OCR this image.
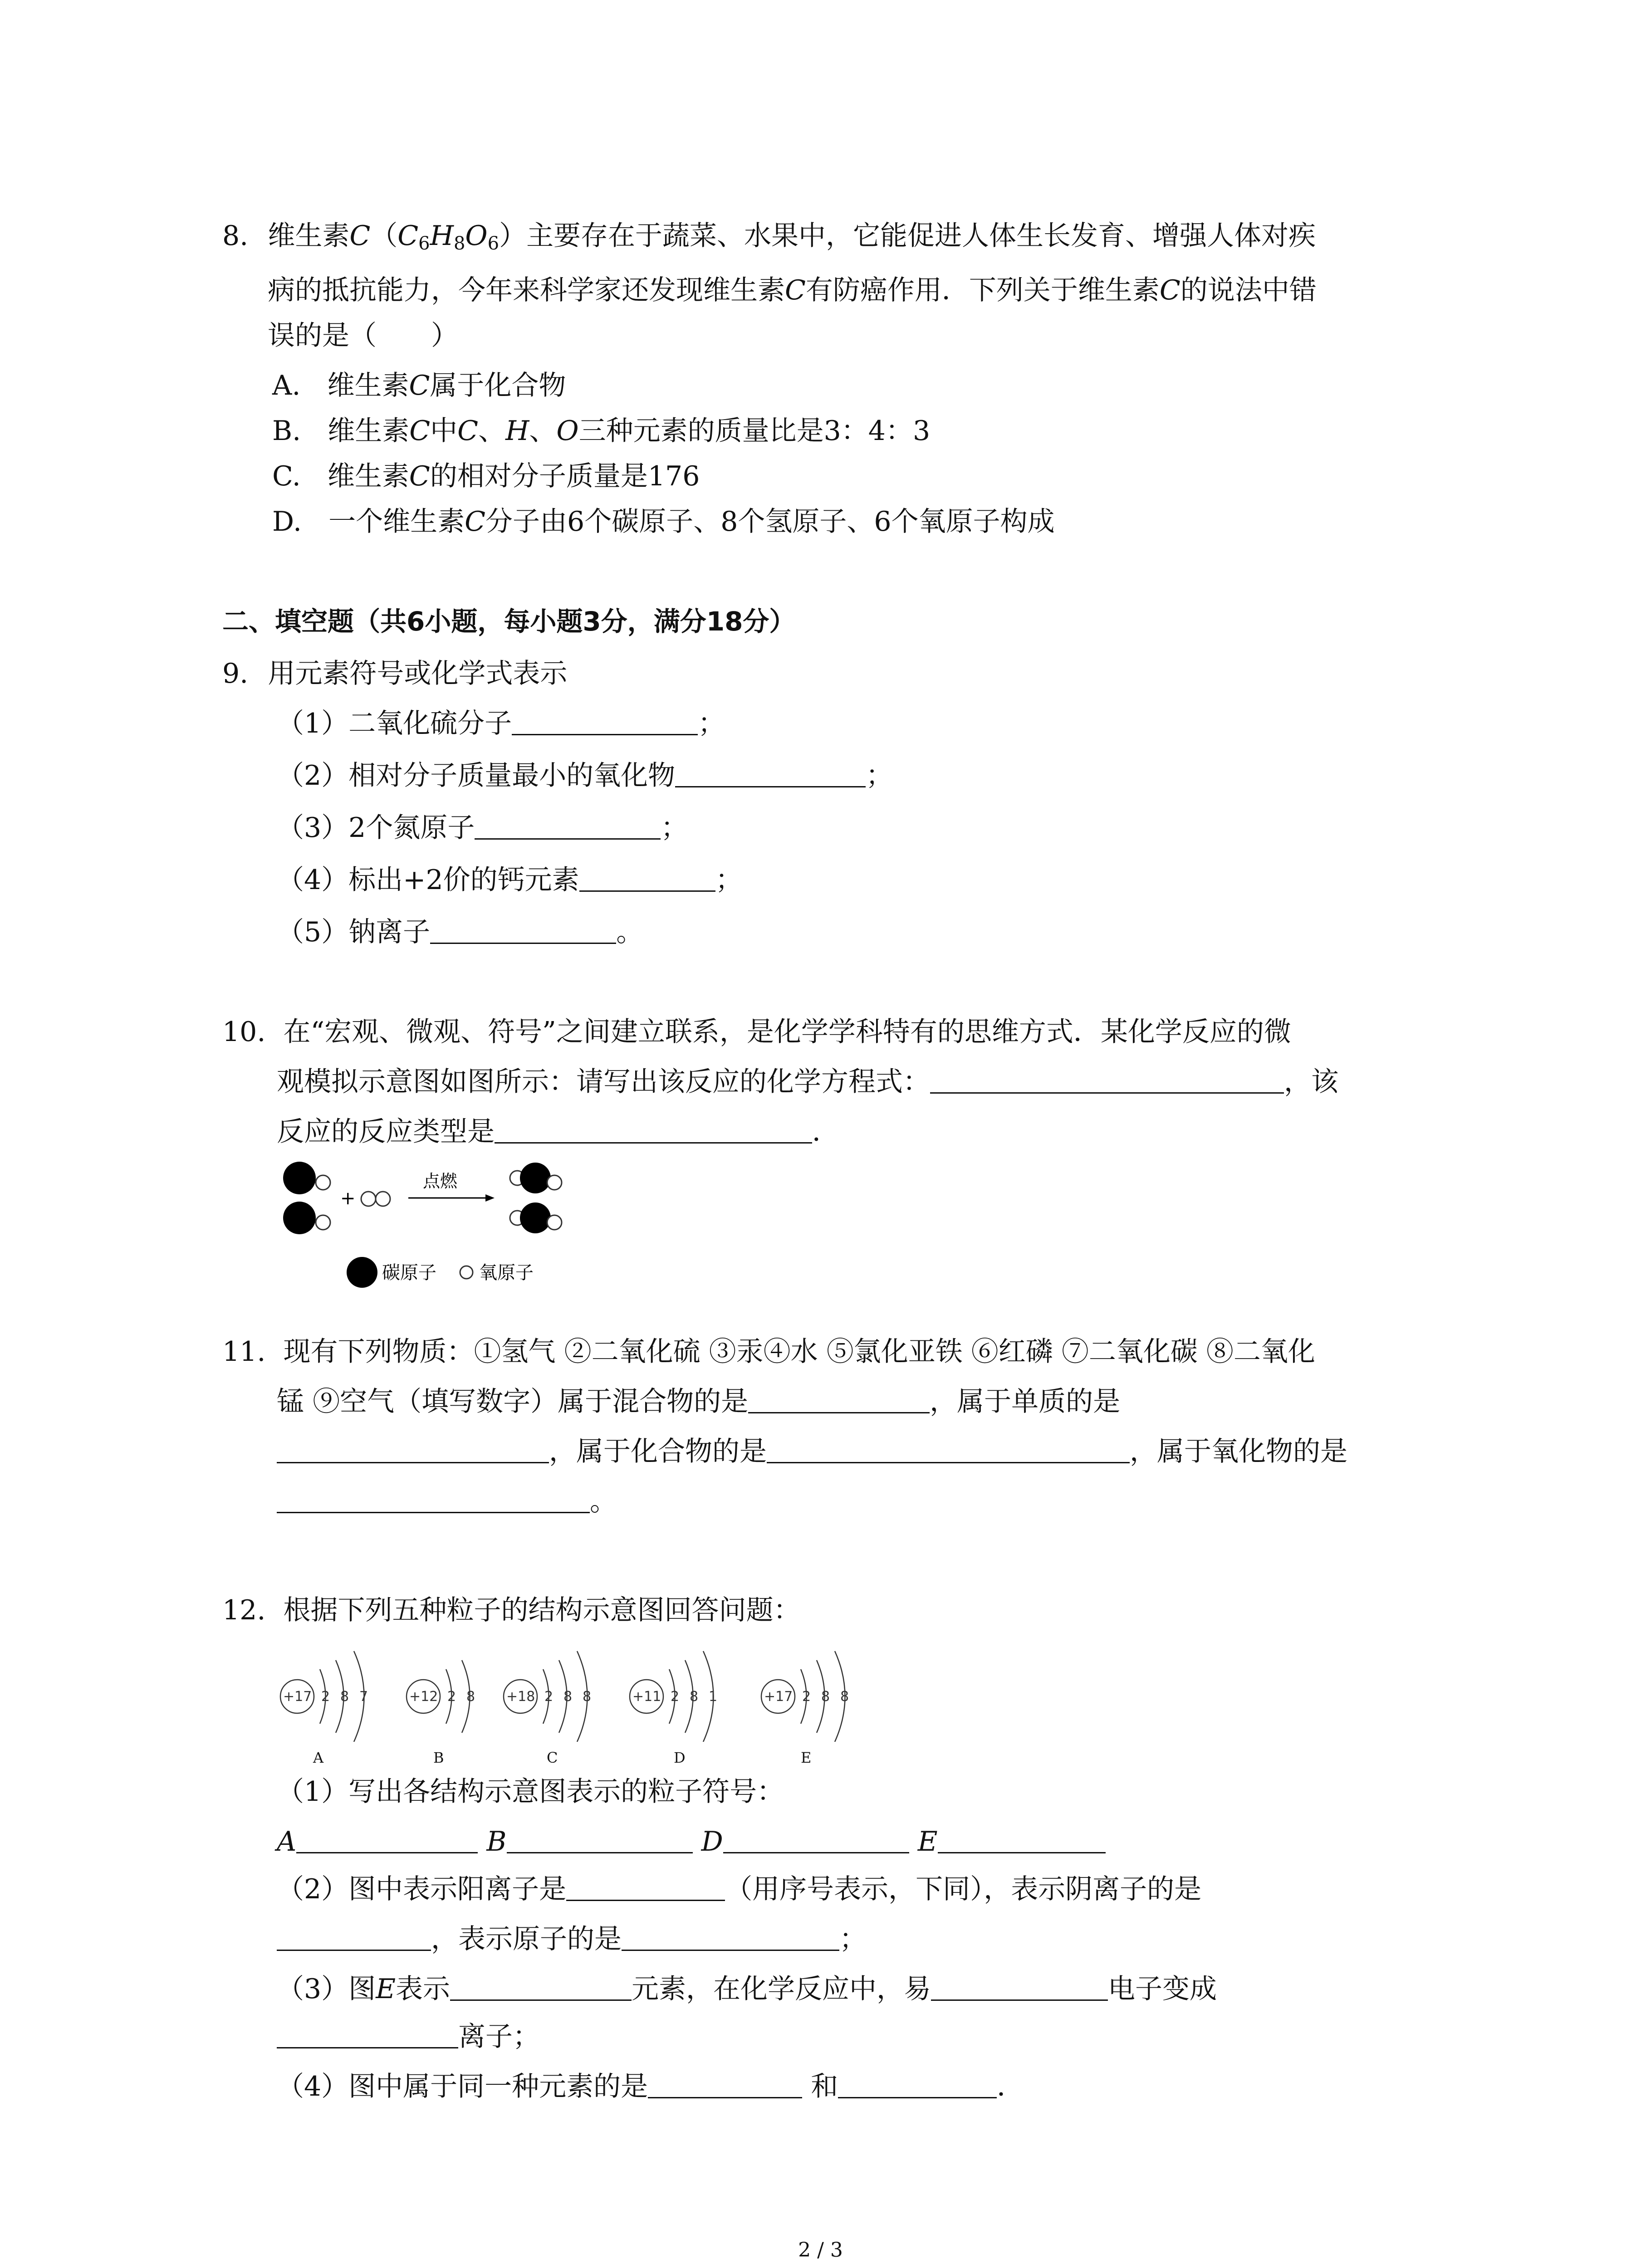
8. 维生素$C(C_6H_8O_6)$主要存在于蔬菜、水果中，它能促进人体生长发育、增强人体对疾
病的抵抗能力，今年来科学家还发现维生素C有防癌作用．下列关于维生素C的说法中错
误的是（　　）
A. 维生素C属于化合物
B. 维生素C中C、H、O三种元素的质量比是3：4：3
C. 维生素C的相对分子质量是176
D. 一个维生素C分子由6个碳原子、8个氢原子、6个氧原子构成
二、填空题（共6小题，每小题3分，满分18分）
9. 用元素符号或化学式表示
（1）二氧化硫分子	；
（2）相对分子质量最小的氧化物	；
（3）2个氮原子	；
（4）标出+2价的钙元素	；
（5）钠离子	。
10. 在“宏观、微观、符号”之间建立联系，是化学学科特有的思维方式．某化学反应的微
观模拟示意图如图所示：请写出该反应的化学方程式：	，该
反应的反应类型是	．
+
点燃
碳原子 氧原子
11. 现有下列物质：①氢气 ②二氧化硫 ③汞④水 ⑤氯化亚铁 ⑥红磷 ⑦二氧化碳 ⑧二氧化
锰 ⑨空气（填写数字）属于混合物的是	，属于单质的是
，属于化合物的是	，属于氧化物的是
。
12. 根据下列五种粒子的结构示意图回答问题：
+17 2 8 7	+12 2 8 +18 2 8 8	+11 2 8 1	+17 2 8 8
A	B	C	D	E
（1）写出各结构示意图表示的粒子符号：
A	B	D	E
（2）图中表示阳离子是	（用序号表示，下同），表示阴离子的是
，表示原子的是	；
（3）图E表示	元素，在化学反应中，易	电子变成
离子；
（4）图中属于同一种元素的是	和	．
2 / 3
